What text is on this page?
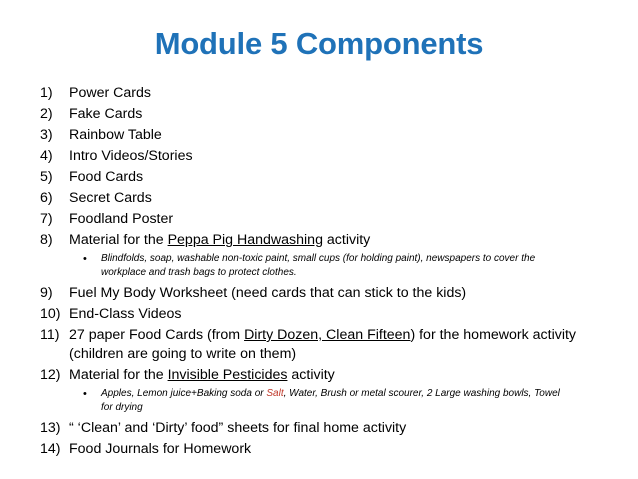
Module 5 Components
1) Power Cards
2) Fake Cards
3) Rainbow Table
4) Intro Videos/Stories
5) Food Cards
6) Secret Cards
7) Foodland Poster
8) Material for the Peppa Pig Handwashing activity
• Blindfolds, soap, washable non-toxic paint, small cups (for holding paint), newspapers to cover the workplace and trash bags to protect clothes.
9) Fuel My Body Worksheet (need cards that can stick to the kids)
10) End-Class Videos
11) 27 paper Food Cards (from Dirty Dozen, Clean Fifteen) for the homework activity (children are going to write on them)
12) Material for the Invisible Pesticides activity
• Apples, Lemon juice+Baking soda or Salt, Water, Brush or metal scourer, 2 Large washing bowls, Towel for drying
13) “ ‘Clean’ and ‘Dirty’ food” sheets for final home activity
14) Food Journals for Homework
